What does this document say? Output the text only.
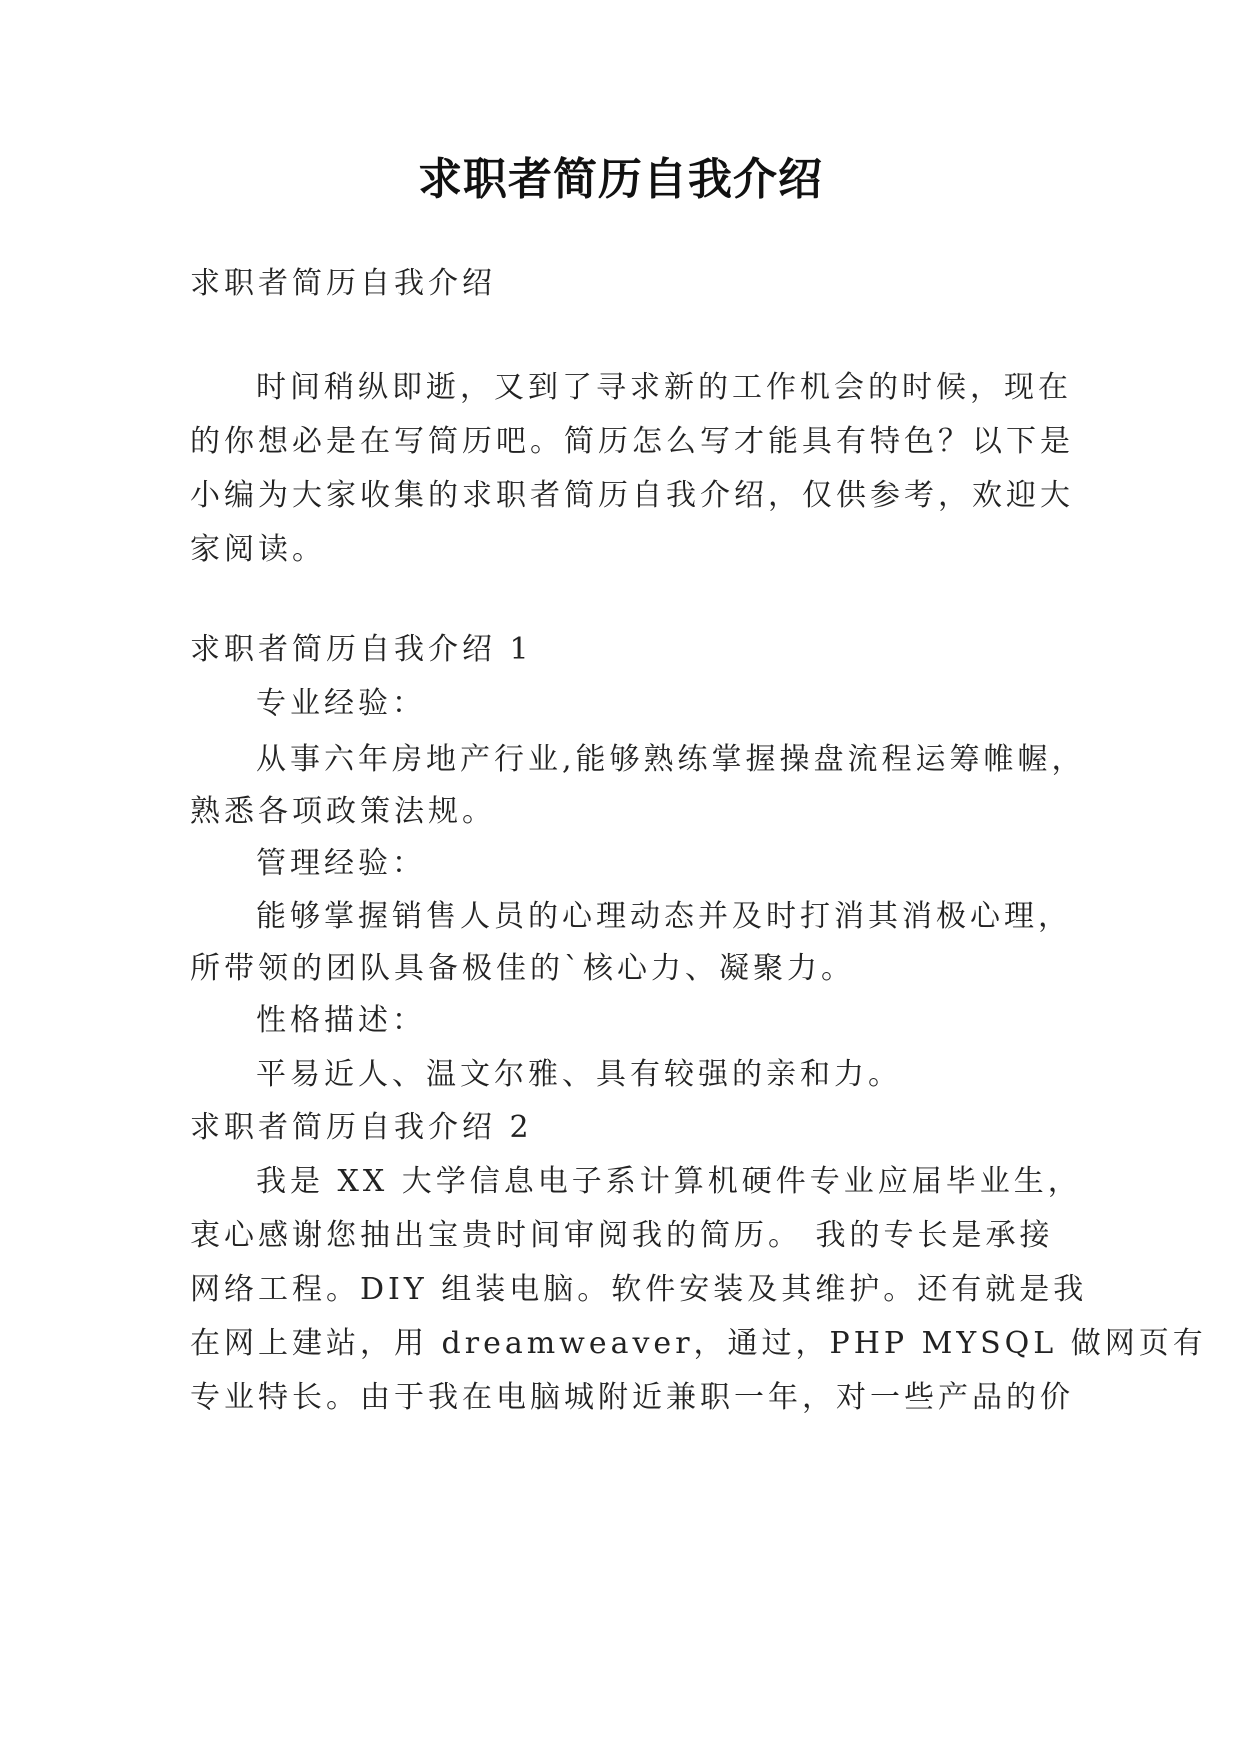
求职者简历自我介绍
求职者简历自我介绍
时间稍纵即逝，又到了寻求新的工作机会的时候，现在
的你想必是在写简历吧。简历怎么写才能具有特色？以下是
小编为大家收集的求职者简历自我介绍，仅供参考，欢迎大
家阅读。
求职者简历自我介绍 1
专业经验：
从事六年房地产行业,能够熟练掌握操盘流程运筹帷幄，
熟悉各项政策法规。
管理经验：
能够掌握销售人员的心理动态并及时打消其消极心理，
所带领的团队具备极佳的`核心力、凝聚力。
性格描述：
平易近人、温文尔雅、具有较强的亲和力。
求职者简历自我介绍 2
我是 XX 大学信息电子系计算机硬件专业应届毕业生，
衷心感谢您抽出宝贵时间审阅我的简历。 我的专长是承接
网络工程。DIY 组装电脑。软件安装及其维护。还有就是我
在网上建站，用 dreamweaver，通过，PHP MYSQL 做网页有
专业特长。由于我在电脑城附近兼职一年，对一些产品的价
